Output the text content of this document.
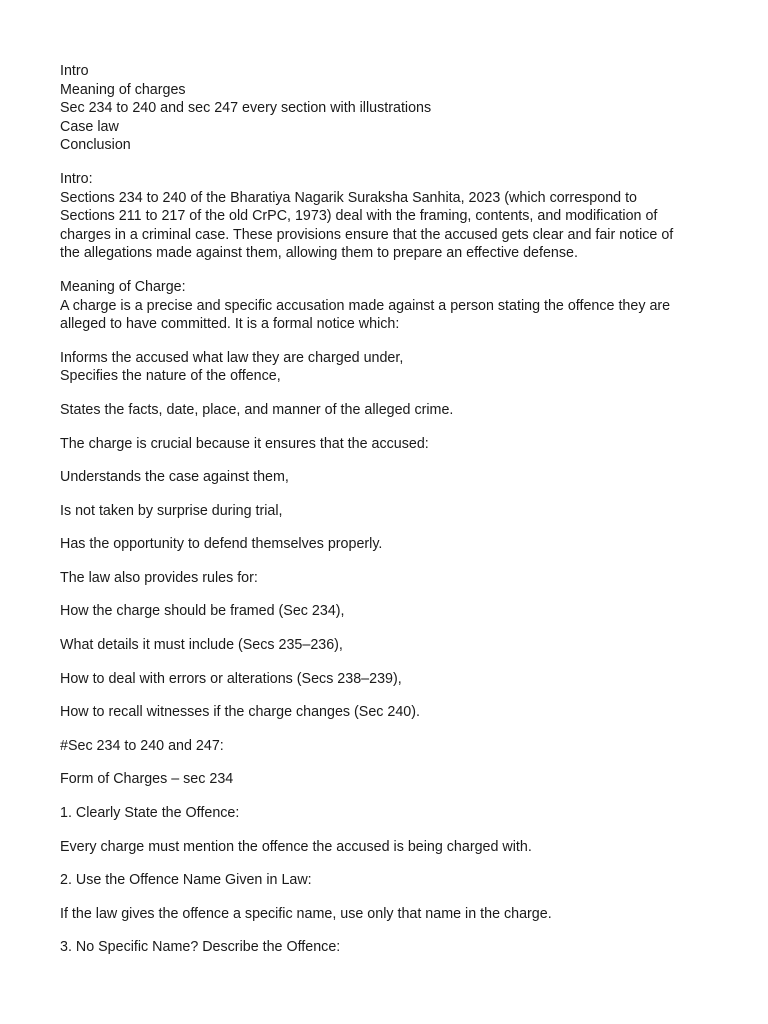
Intro
Meaning of charges
Sec 234 to 240 and sec 247 every section with illustrations
Case law
Conclusion
Intro:
Sections 234 to 240 of the Bharatiya Nagarik Suraksha Sanhita, 2023 (which correspond to
Sections 211 to 217 of the old CrPC, 1973) deal with the framing, contents, and modification of
charges in a criminal case. These provisions ensure that the accused gets clear and fair notice of
the allegations made against them, allowing them to prepare an effective defense.
Meaning of Charge:
A charge is a precise and specific accusation made against a person stating the offence they are
alleged to have committed. It is a formal notice which:
Informs the accused what law they are charged under,
Specifies the nature of the offence,
States the facts, date, place, and manner of the alleged crime.
The charge is crucial because it ensures that the accused:
Understands the case against them,
Is not taken by surprise during trial,
Has the opportunity to defend themselves properly.
The law also provides rules for:
How the charge should be framed (Sec 234),
What details it must include (Secs 235–236),
How to deal with errors or alterations (Secs 238–239),
How to recall witnesses if the charge changes (Sec 240).
#Sec 234 to 240 and 247:
Form of Charges – sec 234
1. Clearly State the Offence:
Every charge must mention the offence the accused is being charged with.
2. Use the Offence Name Given in Law:
If the law gives the offence a specific name, use only that name in the charge.
3. No Specific Name? Describe the Offence:
